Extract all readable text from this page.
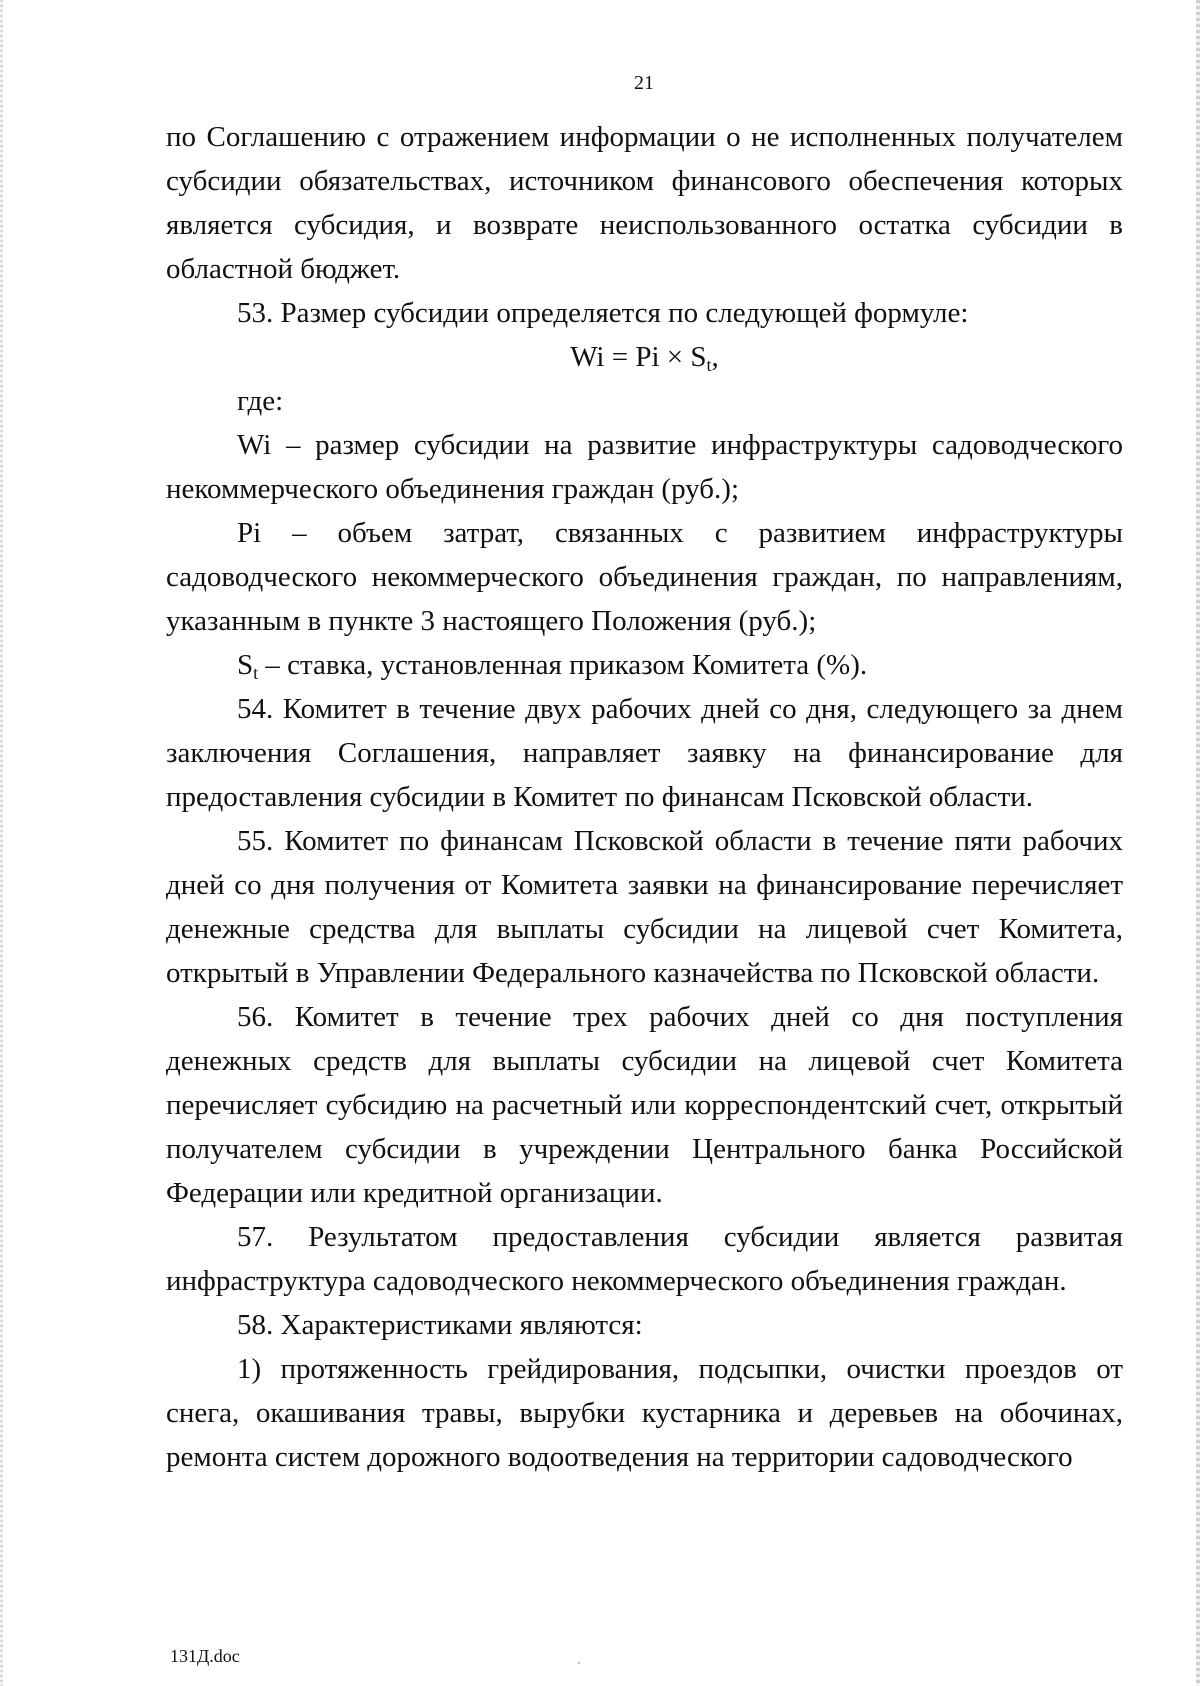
21

по Соглашению с отражением информации о не исполненных получателем субсидии обязательствах, источником финансового обеспечения которых является субсидия, и возврате неиспользованного остатка субсидии в областной бюджет.

53. Размер субсидии определяется по следующей формуле:

$Wi = Pi \times S_t$,

где:

Wi – размер субсидии на развитие инфраструктуры садоводческого некоммерческого объединения граждан (руб.);

Pi – объем затрат, связанных с развитием инфраструктуры садоводческого некоммерческого объединения граждан, по направлениям, указанным в пункте 3 настоящего Положения (руб.);

$S_t$ – ставка, установленная приказом Комитета (%).

54. Комитет в течение двух рабочих дней со дня, следующего за днем заключения Соглашения, направляет заявку на финансирование для предоставления субсидии в Комитет по финансам Псковской области.

55. Комитет по финансам Псковской области в течение пяти рабочих дней со дня получения от Комитета заявки на финансирование перечисляет денежные средства для выплаты субсидии на лицевой счет Комитета, открытый в Управлении Федерального казначейства по Псковской области.

56. Комитет в течение трех рабочих дней со дня поступления денежных средств для выплаты субсидии на лицевой счет Комитета перечисляет субсидию на расчетный или корреспондентский счет, открытый получателем субсидии в учреждении Центрального банка Российской Федерации или кредитной организации.

57. Результатом предоставления субсидии является развитая инфраструктура садоводческого некоммерческого объединения граждан.

58. Характеристиками являются:

1) протяженность грейдирования, подсыпки, очистки проездов от снега, окашивания травы, вырубки кустарника и деревьев на обочинах, ремонта систем дорожного водоотведения на территории садоводческого

131Д.doc
